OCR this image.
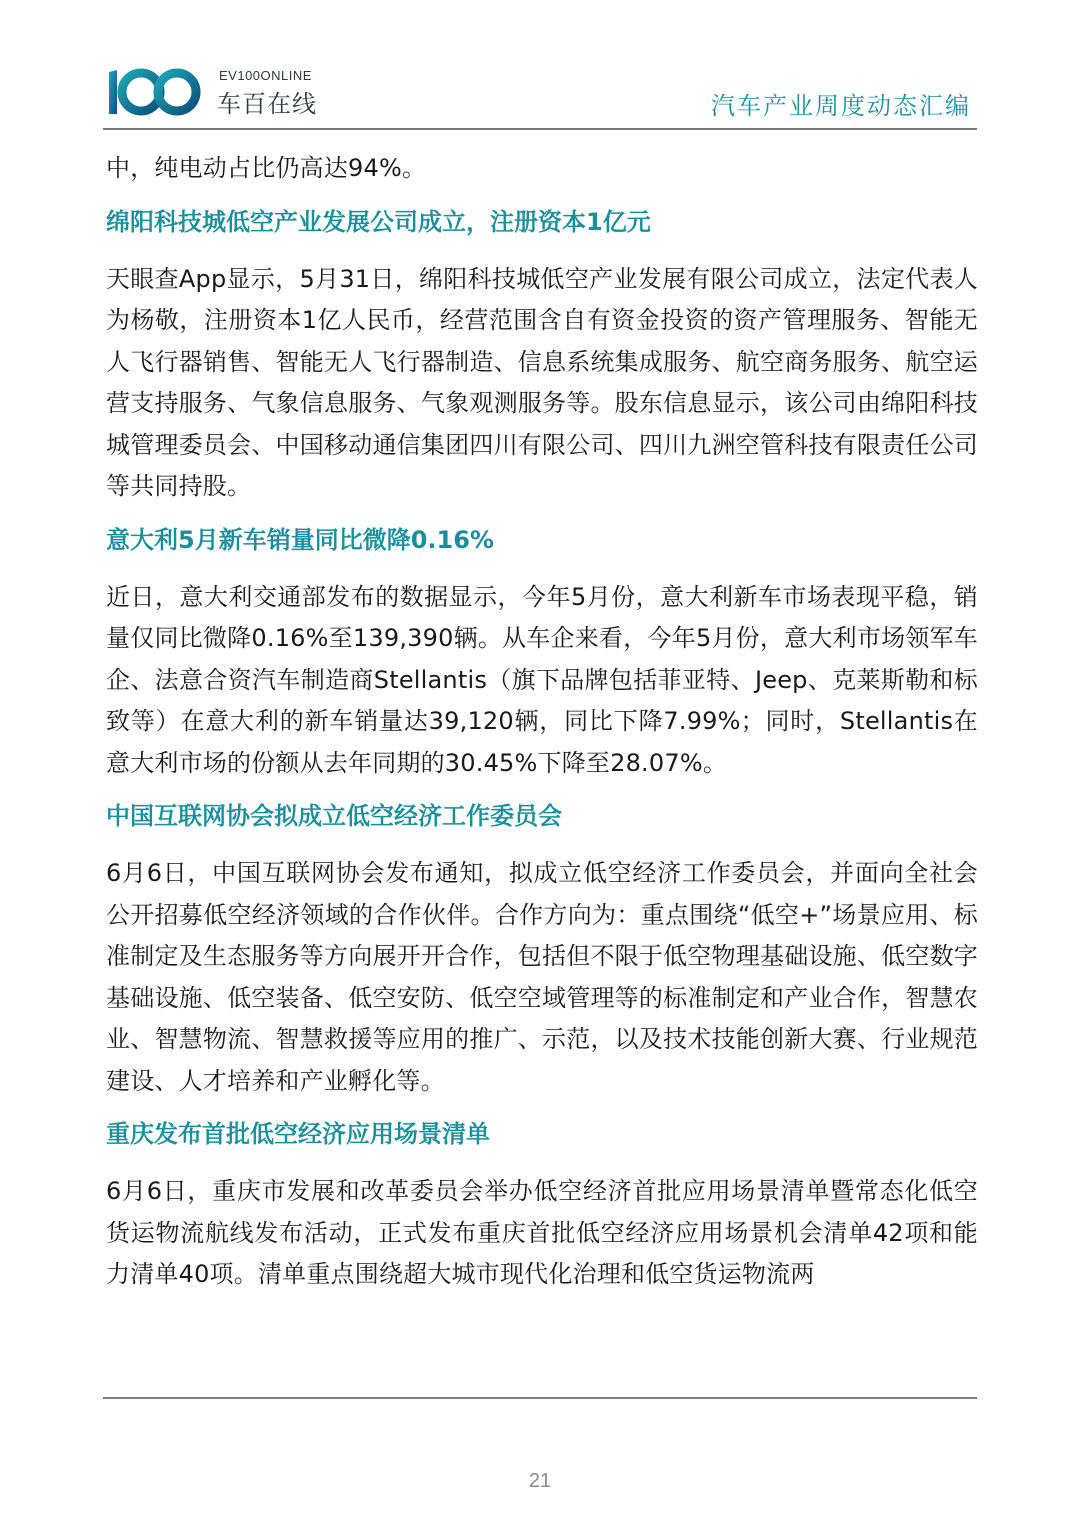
EV100ONLINE
车百在线	汽车产业周度动态汇编

中，纯电动占比仍高达94%。

绵阳科技城低空产业发展公司成立，注册资本1亿元

天眼查App显示，5月31日，绵阳科技城低空产业发展有限公司成立，法定代表人为杨敬，注册资本1亿人民币，经营范围含自有资金投资的资产管理服务、智能无人飞行器销售、智能无人飞行器制造、信息系统集成服务、航空商务服务、航空运营支持服务、气象信息服务、气象观测服务等。股东信息显示，该公司由绵阳科技城管理委员会、中国移动通信集团四川有限公司、四川九洲空管科技有限责任公司等共同持股。

意大利5月新车销量同比微降0.16%

近日，意大利交通部发布的数据显示，今年5月份，意大利新车市场表现平稳，销量仅同比微降0.16%至139,390辆。从车企来看，今年5月份，意大利市场领军车企、法意合资汽车制造商Stellantis（旗下品牌包括菲亚特、Jeep、克莱斯勒和标致等）在意大利的新车销量达39,120辆，同比下降7.99%；同时，Stellantis在意大利市场的份额从去年同期的30.45%下降至28.07%。

中国互联网协会拟成立低空经济工作委员会

6月6日，中国互联网协会发布通知，拟成立低空经济工作委员会，并面向全社会公开招募低空经济领域的合作伙伴。合作方向为：重点围绕“低空+”场景应用、标准制定及生态服务等方向展开开合作，包括但不限于低空物理基础设施、低空数字基础设施、低空装备、低空安防、低空空域管理等的标准制定和产业合作，智慧农业、智慧物流、智慧救援等应用的推广、示范，以及技术技能创新大赛、行业规范建设、人才培养和产业孵化等。

重庆发布首批低空经济应用场景清单

6月6日，重庆市发展和改革委员会举办低空经济首批应用场景清单暨常态化低空货运物流航线发布活动，正式发布重庆首批低空经济应用场景机会清单42项和能力清单40项。清单重点围绕超大城市现代化治理和低空货运物流两

21
